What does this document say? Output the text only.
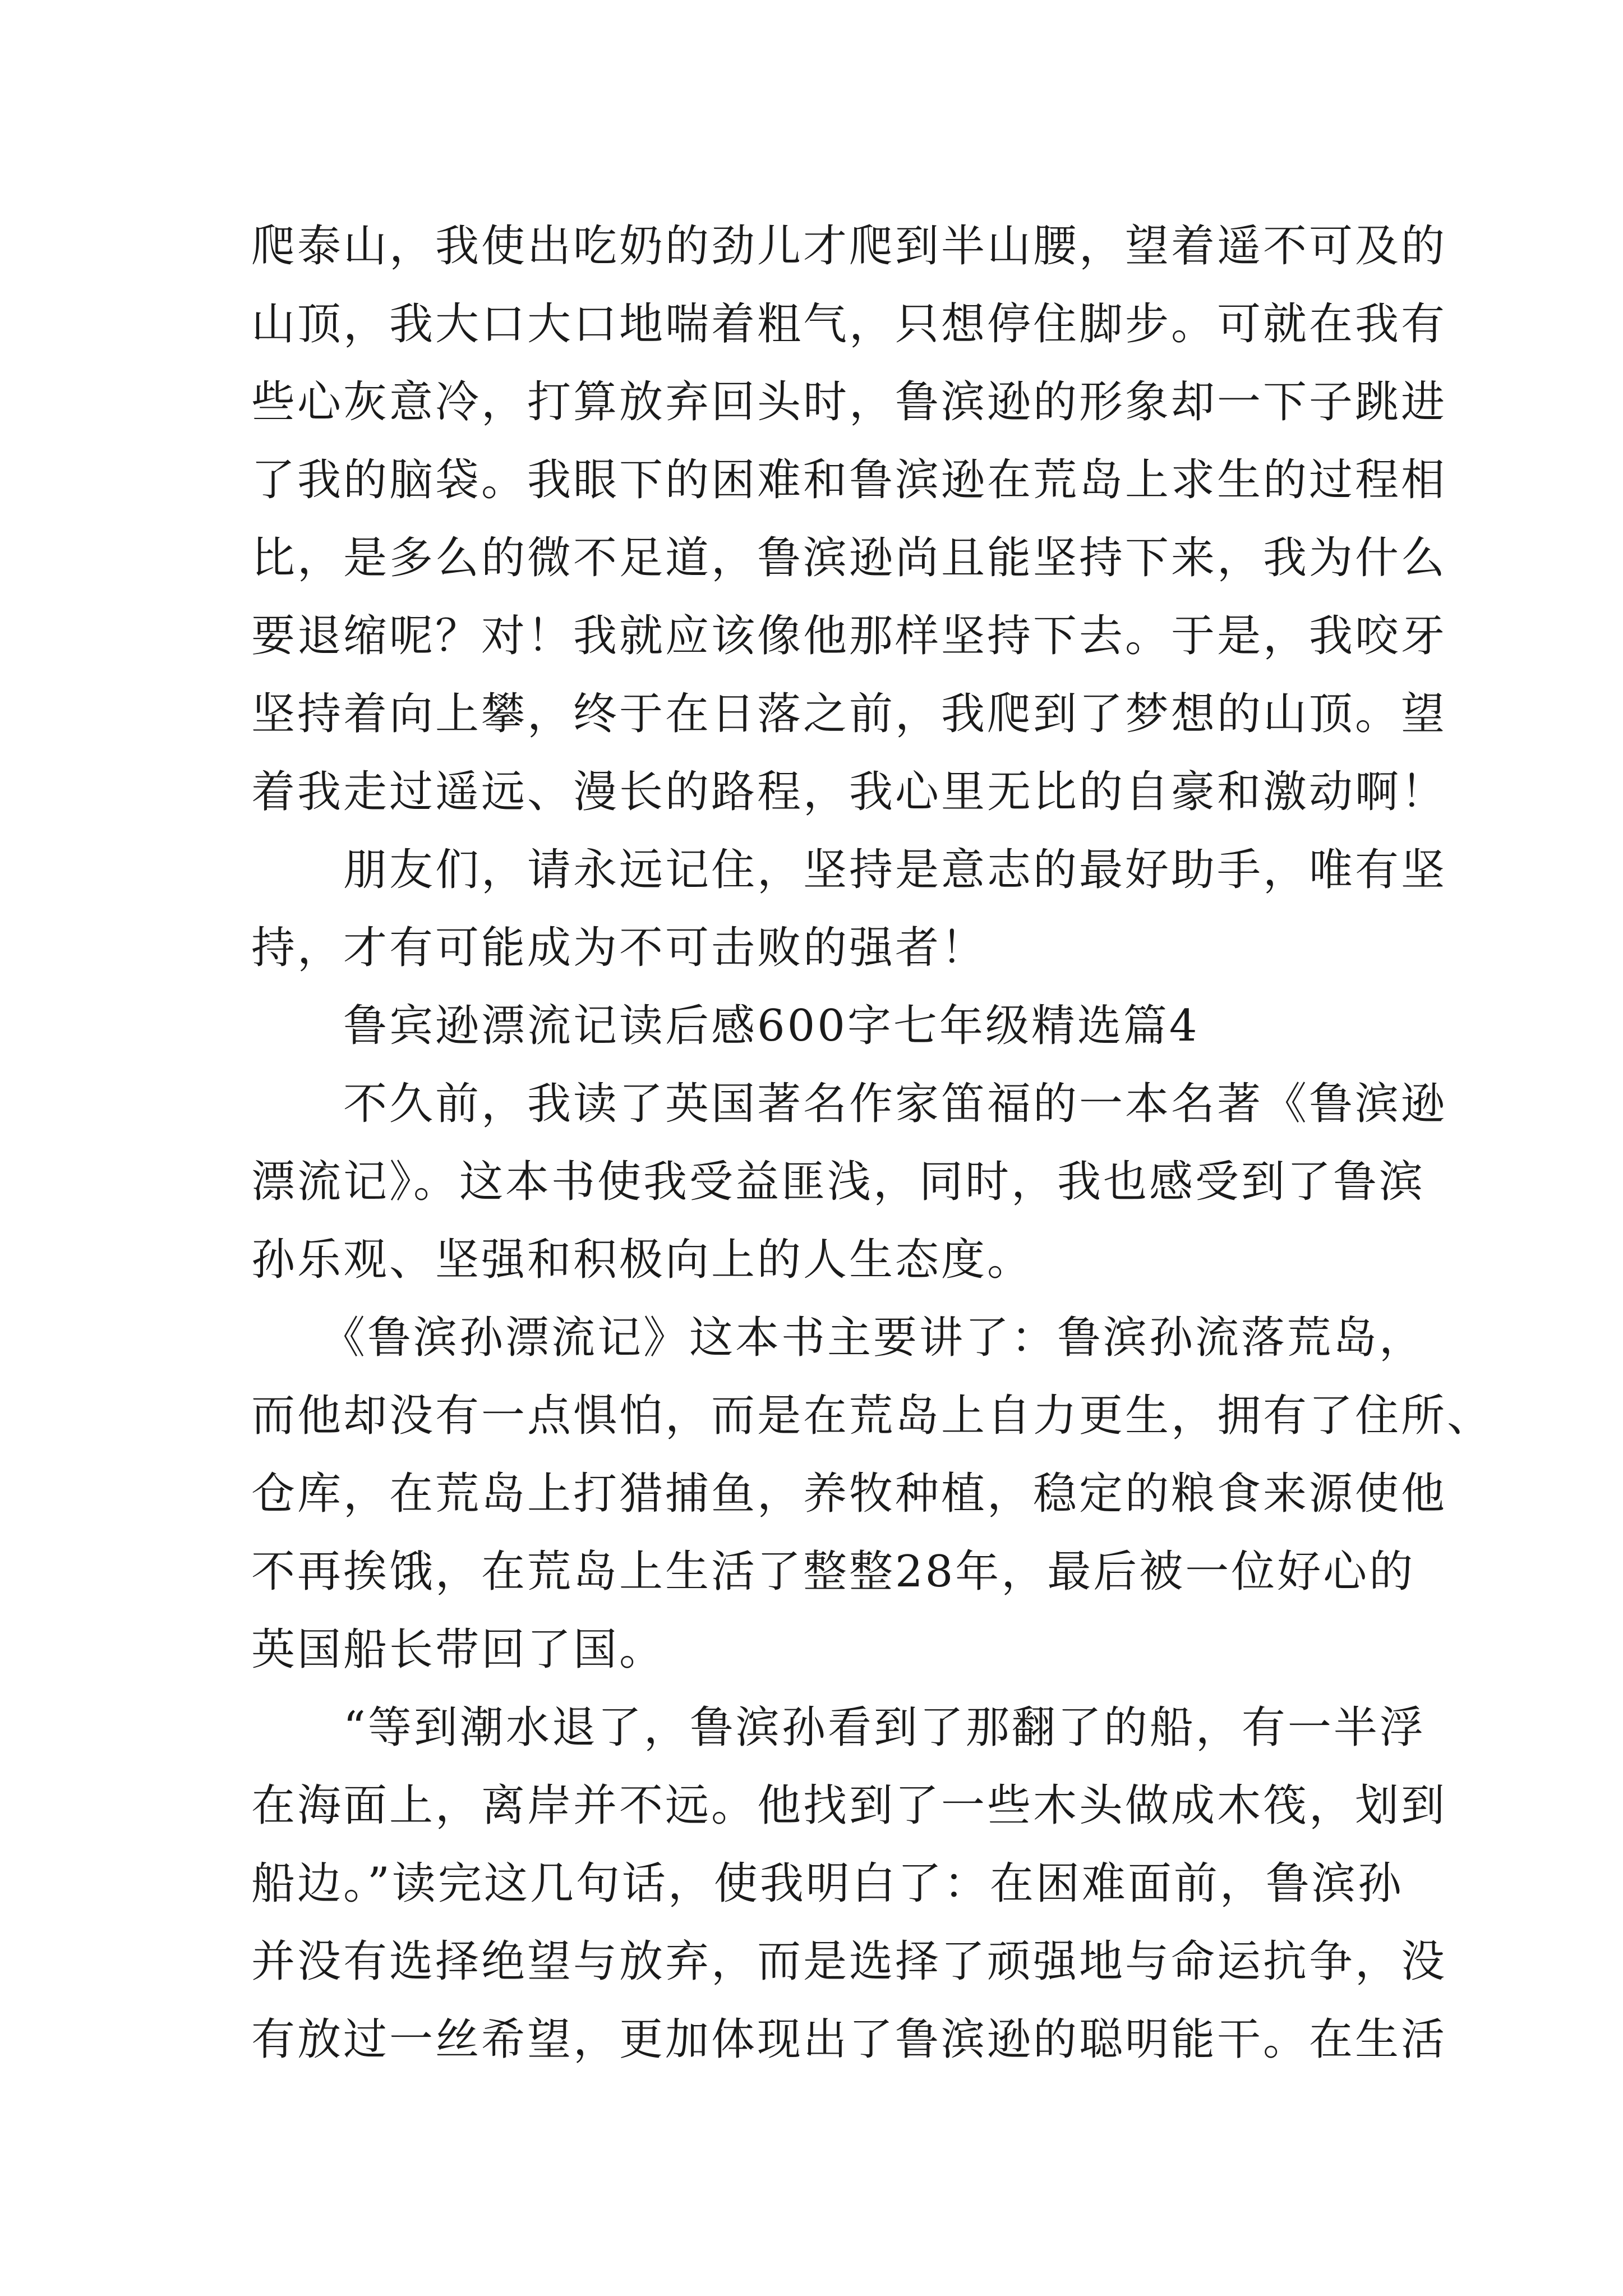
爬泰山，我使出吃奶的劲儿才爬到半山腰，望着遥不可及的
山顶，我大口大口地喘着粗气，只想停住脚步。可就在我有
些心灰意冷，打算放弃回头时，鲁滨逊的形象却一下子跳进
了我的脑袋。我眼下的困难和鲁滨逊在荒岛上求生的过程相
比，是多么的微不足道，鲁滨逊尚且能坚持下来，我为什么
要退缩呢？对！我就应该像他那样坚持下去。于是，我咬牙
坚持着向上攀，终于在日落之前，我爬到了梦想的山顶。望
着我走过遥远、漫长的路程，我心里无比的自豪和激动啊！
　　朋友们，请永远记住，坚持是意志的最好助手，唯有坚
持，才有可能成为不可击败的强者！
　　鲁宾逊漂流记读后感600字七年级精选篇4
　　不久前，我读了英国著名作家笛福的一本名著《鲁滨逊
漂流记》。这本书使我受益匪浅，同时，我也感受到了鲁滨
孙乐观、坚强和积极向上的人生态度。
　　《鲁滨孙漂流记》这本书主要讲了：鲁滨孙流落荒岛，
而他却没有一点惧怕，而是在荒岛上自力更生，拥有了住所、
仓库，在荒岛上打猎捕鱼，养牧种植，稳定的粮食来源使他
不再挨饿，在荒岛上生活了整整28年，最后被一位好心的
英国船长带回了国。
　　“等到潮水退了，鲁滨孙看到了那翻了的船，有一半浮
在海面上，离岸并不远。他找到了一些木头做成木筏，划到
船边。”读完这几句话，使我明白了：在困难面前，鲁滨孙
并没有选择绝望与放弃，而是选择了顽强地与命运抗争，没
有放过一丝希望，更加体现出了鲁滨逊的聪明能干。在生活
